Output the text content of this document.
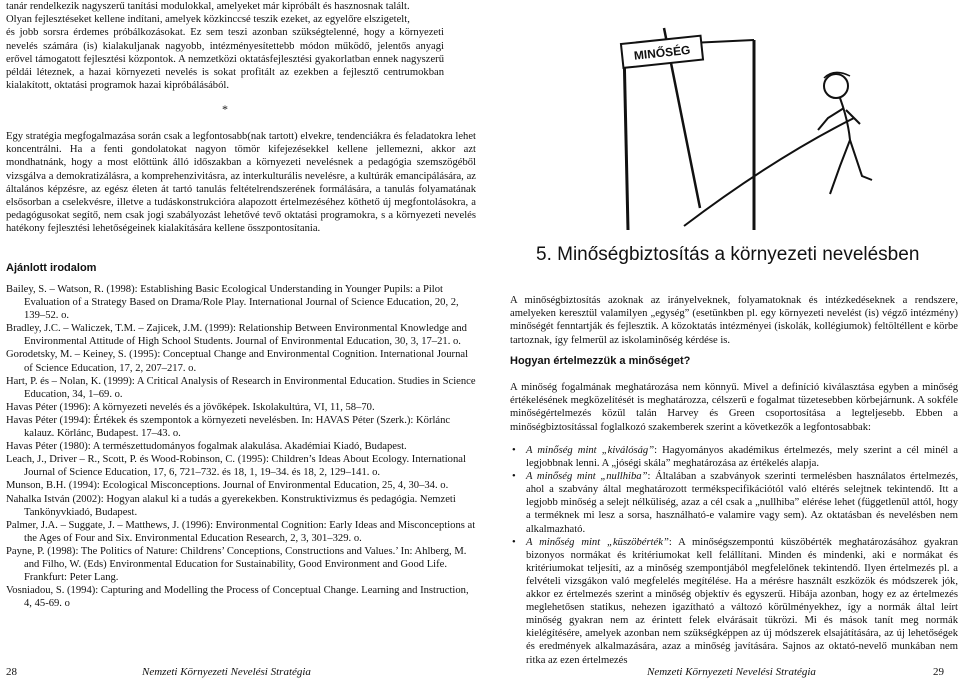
tanár rendelkezik nagyszerű tanítási modulokkal, amelyeket már kipróbált és hasznosnak talált.

Olyan fejlesztéseket kellene indítani, amelyek közkinccsé teszik ezeket, az egyelőre elszigetelt,

és jobb sorsra érdemes próbálkozásokat. Ez sem teszi azonban szükségtelenné, hogy a környezeti nevelés számára (is) kialakuljanak nagyobb, intézményesítettebb módon működő, jelentős anyagi erővel támogatott fejlesztési központok. A nemzetközi oktatásfejlesztési gyakorlatban ennek nagyszerű példái léteznek, a hazai környezeti nevelés is sokat profitált az ezekben a fejlesztő centrumokban kialakított, oktatási programok hazai kipróbálásából.

*

Egy stratégia megfogalmazása során csak a legfontosabb(nak tartott) elvekre, tendenciákra és feladatokra lehet koncentrálni. Ha a fenti gondolatokat nagyon tömör kifejezésekkel kellene jellemezni, akkor azt mondhatnánk, hogy a most előttünk álló időszakban a környezeti nevelésnek a pedagógia szemszögéből vizsgálva a demokratizálásra, a komprehenzivitásra, az interkulturális nevelésre, a kultúrák emancipálására, az általános képzésre, az egész életen át tartó tanulás feltételrendszerének formálására, a tanulás folyamatának elsősorban a cselekvésre, illetve a tudáskonstrukcióra alapozott értelmezéséhez köthető új megfontolásokra, a pedagógusokat segítő, nem csak jogi szabályozást lehetővé tevő oktatási programokra, s a környezeti nevelés hatékony fejlesztési lehetőségeinek kialakítására kellene összpontosítania.

Ajánlott irodalom
Bailey, S. – Watson, R. (1998): Establishing Basic Ecological Understanding in Younger Pupils: a Pilot Evaluation of a Strategy Based on Drama/Role Play. International Journal of Science Education, 20, 2, 139–52. o.
Bradley, J.C. – Waliczek, T.M. – Zajicek, J.M. (1999): Relationship Between Environmental Knowledge and Environmental Attitude of High School Students. Journal of Environmental Education, 30, 3, 17–21. o.
Gorodetsky, M. – Keiney, S. (1995): Conceptual Change and Environmental Cognition. International Journal of Science Education, 17, 2, 207–217. o.
Hart, P. és – Nolan, K. (1999): A Critical Analysis of Research in Environmental Education. Studies in Science Education, 34, 1–69. o.
Havas Péter (1996): A környezeti nevelés és a jövőképek. Iskolakultúra, VI, 11, 58–70.
Havas Péter (1994): Értékek és szempontok a környezeti nevelésben. In: HAVAS Péter (Szerk.): Körlánc kalauz. Körlánc, Budapest. 17–43. o.
Havas Péter (1980): A természettudományos fogalmak alakulása. Akadémiai Kiadó, Budapest.
Leach, J., Driver – R., Scott, P. és Wood-Robinson, C. (1995): Children’s Ideas About Ecology. International Journal of Science Education, 17, 6, 721–732. és 18, 1, 19–34. és 18, 2, 129–141. o.
Munson, B.H. (1994): Ecological Misconceptions. Journal of Environmental Education, 25, 4, 30–34. o.
Nahalka István (2002): Hogyan alakul ki a tudás a gyerekekben. Konstruktivizmus és pedagógia. Nemzeti Tankönyvkiadó, Budapest.
Palmer, J.A. – Suggate, J. – Matthews, J. (1996): Environmental Cognition: Early Ideas and Misconceptions at the Ages of Four and Six. Environmental Education Research, 2, 3, 301–329. o.
Payne, P. (1998): The Politics of Nature: Childrens’ Conceptions, Constructions and Values.’ In: Ahlberg, M. and Filho, W. (Eds) Environmental Education for Sustainability, Good Environment and Good Life. Frankfurt: Peter Lang.
Vosniadou, S. (1994): Capturing and Modelling the Process of Conceptual Change. Learning and Instruction, 4, 45-69. o
28	Nemzeti Környezeti Nevelési Stratégia
MINŐSÉG
5. Minőségbiztosítás a környezeti nevelésben

A minőségbiztosítás azoknak az irányelveknek, folyamatoknak és intézkedéseknek a rendszere, amelyeken keresztül valamilyen „egység” (esetünkben pl. egy környezeti nevelést (is) végző intézmény) minőségét fenntartják és fejlesztik. A közoktatás intézményei (iskolák, kollégiumok) feltöltéllent e körbe tartoznak, így felmerül az iskolaminőség kérdése is.

Hogyan értelmezzük a minőséget?

A minőség fogalmának meghatározása nem könnyű. Mivel a definíció kiválasztása egyben a minőség értékelésének megközelítését is meghatározza, célszerű e fogalmat tüzetesebben körbejárnunk. A sokféle minőségértelmezés közül talán Harvey és Green csoportosítása a legteljesebb. Ebben a minőségbiztosítással foglalkozó szakemberek szerint a következők a legfontosabbak:

• A minőség mint „kiválóság”: Hagyományos akadémikus értelmezés, mely szerint a cél minél a legjobbnak lenni. A „jóségi skála” meghatározása az értékelés alapja.
• A minőség mint „nullhiba”: Általában a szabványok szerinti termelésben használatos értelmezés, ahol a szabvány által meghatározott termékspecifikációtól való eltérés selejtnek tekintendő. Itt a legjobb minőség a selejt nélküliség, azaz a cél csak a „nullhiba” elérése lehet (függetlenül attól, hogy a terméknek mi lesz a sorsa, használható-e valamire vagy sem). Az oktatásban és nevelésben nem alkalmazható.
• A minőség mint „küszöbérték”: A minőségszempontú küszöbérték meghatározásához gyakran bizonyos normákat és kritériumokat kell felállítani. Minden és mindenki, aki e normákat és kritériumokat teljesíti, az a minőség szempontjából megfelelőnek tekintendő. Ilyen értelmezés pl. a felvételi vizsgákon való megfelelés megítélése. Ha a mérésre használt eszközök és módszerek jók, akkor ez értelmezés szerint a minőség objektív és egyszerű. Hibája azonban, hogy ez az értelmezés meglehetősen statikus, nehezen igazítható a változó körülményekhez, így a normák által leírt minőség gyakran nem az érintett felek elvárásait tükrözi. Mi és mások tanít meg normák kielégítésére, amelyek azonban nem szükségképpen az új módszerek elsajátítására, az új lehetőségek és eredmények alkalmazására, azaz a minőség javítására. Sajnos az oktató-nevelő munkában nem ritka az ezen értelmezés
Nemzeti Környezeti Nevelési Stratégia	29
